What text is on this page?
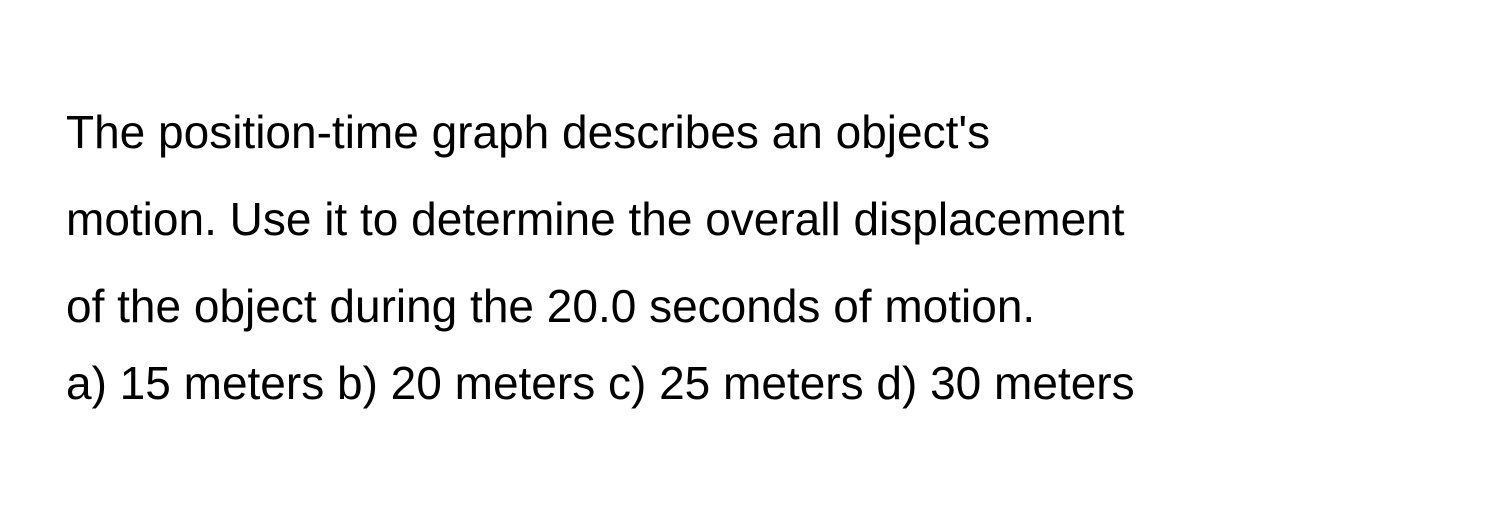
The position-time graph describes an object's

motion. Use it to determine the overall displacement

of the object during the 20.0 seconds of motion.

a) 15 meters b) 20 meters c) 25 meters d) 30 meters
